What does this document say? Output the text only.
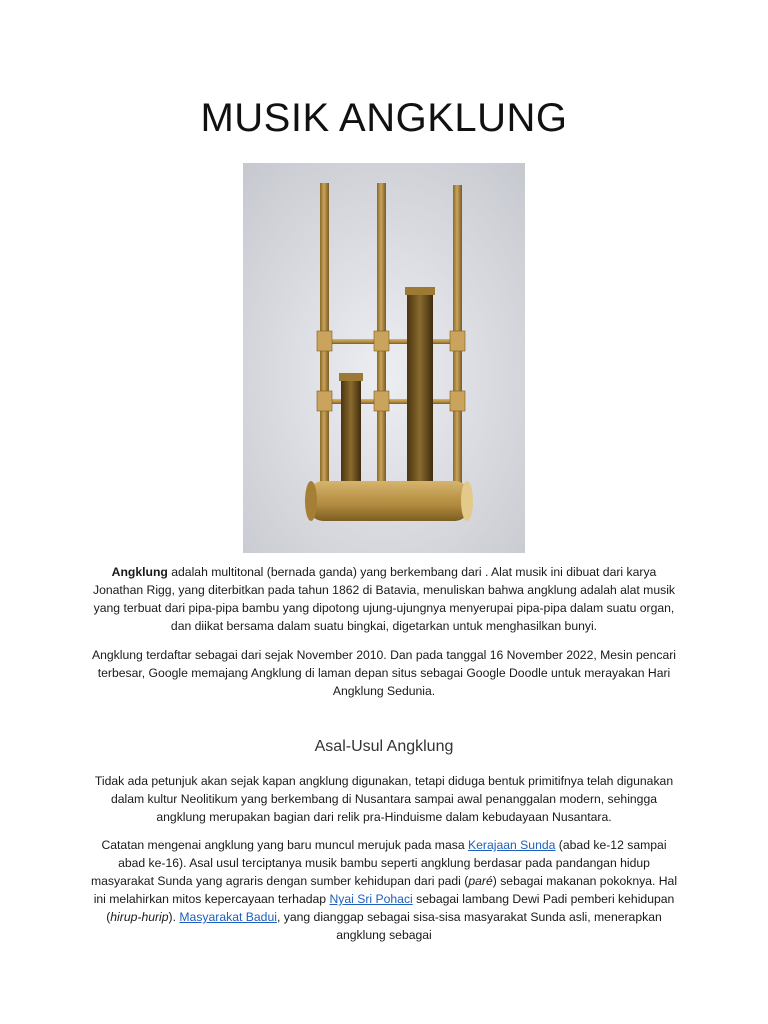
MUSIK ANGKLUNG

Angklung adalah multitonal (bernada ganda) yang berkembang dari . Alat musik ini dibuat dari karya Jonathan Rigg, yang diterbitkan pada tahun 1862 di Batavia, menuliskan bahwa angklung adalah alat musik yang terbuat dari pipa-pipa bambu yang dipotong ujung-ujungnya menyerupai pipa-pipa dalam suatu organ, dan diikat bersama dalam suatu bingkai, digetarkan untuk menghasilkan bunyi.

Angklung terdaftar sebagai dari sejak November 2010. Dan pada tanggal 16 November 2022, Mesin pencari terbesar, Google memajang Angklung di laman depan situs sebagai Google Doodle untuk merayakan Hari Angklung Sedunia.

Asal-Usul Angklung

Tidak ada petunjuk akan sejak kapan angklung digunakan, tetapi diduga bentuk primitifnya telah digunakan dalam kultur Neolitikum yang berkembang di Nusantara sampai awal penanggalan modern, sehingga angklung merupakan bagian dari relik pra-Hinduisme dalam kebudayaan Nusantara.

Catatan mengenai angklung yang baru muncul merujuk pada masa Kerajaan Sunda (abad ke-12 sampai abad ke-16). Asal usul terciptanya musik bambu seperti angklung berdasar pada pandangan hidup masyarakat Sunda yang agraris dengan sumber kehidupan dari padi (paré) sebagai makanan pokoknya. Hal ini melahirkan mitos kepercayaan terhadap Nyai Sri Pohaci sebagai lambang Dewi Padi pemberi kehidupan (hirup-hurip). Masyarakat Badui, yang dianggap sebagai sisa-sisa masyarakat Sunda asli, menerapkan angklung sebagai
